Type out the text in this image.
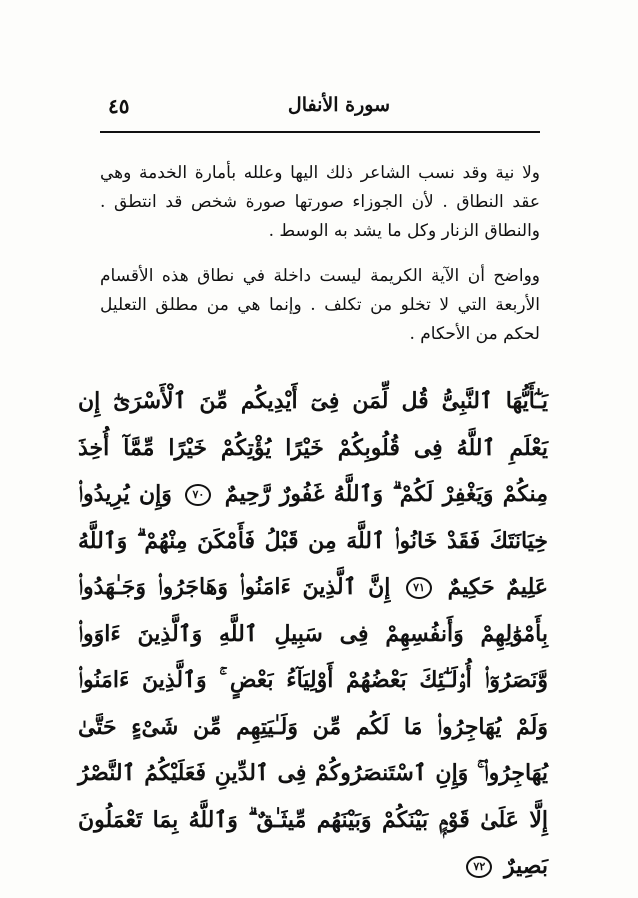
سورة الأنفال
٤٥

ولا نية وقد نسب الشاعر ذلك اليها وعلله بأمارة الخدمة وهي عقد النطاق . لأن الجوزاء صورتها صورة شخص قد انتطق . والنطاق الزنار وكل ما يشد به الوسط .

وواضح أن الآية الكريمة ليست داخلة في نطاق هذه الأقسام الأربعة التي لا تخلو من تكلف . وإنما هي من مطلق التعليل لحكم من الأحكام .

يَـٰٓأَيُّهَا ٱلنَّبِىُّ قُل لِّمَن فِىٓ أَيْدِيكُم مِّنَ ٱلْأَسْرَىٰٓ إِن يَعْلَمِ ٱللَّهُ فِى قُلُوبِكُمْ خَيْرًا يُؤْتِكُمْ خَيْرًا مِّمَّآ أُخِذَ مِنكُمْ وَيَغْفِرْ لَكُمْ ۗ وَٱللَّهُ غَفُورٌ رَّحِيمٌ ٧٠ وَإِن يُرِيدُوا۟ خِيَانَتَكَ فَقَدْ خَانُوا۟ ٱللَّهَ مِن قَبْلُ فَأَمْكَنَ مِنْهُمْ ۗ وَٱللَّهُ عَلِيمٌ حَكِيمٌ ٧١ إِنَّ ٱلَّذِينَ ءَامَنُوا۟ وَهَاجَرُوا۟ وَجَـٰهَدُوا۟ بِأَمْوَٰلِهِمْ وَأَنفُسِهِمْ فِى سَبِيلِ ٱللَّهِ وَٱلَّذِينَ ءَاوَوا۟ وَّنَصَرُوٓا۟ أُو۟لَـٰٓئِكَ بَعْضُهُمْ أَوْلِيَآءُ بَعْضٍ ۚ وَٱلَّذِينَ ءَامَنُوا۟ وَلَمْ يُهَاجِرُوا۟ مَا لَكُم مِّن وَلَـٰيَتِهِم مِّن شَىْءٍ حَتَّىٰ يُهَاجِرُوا۟ ۚ وَإِنِ ٱسْتَنصَرُوكُمْ فِى ٱلدِّينِ فَعَلَيْكُمُ ٱلنَّصْرُ إِلَّا عَلَىٰ قَوْمٍۭ بَيْنَكُمْ وَبَيْنَهُم مِّيثَـٰقٌ ۗ وَٱللَّهُ بِمَا تَعْمَلُونَ بَصِيرٌ ٧٢
